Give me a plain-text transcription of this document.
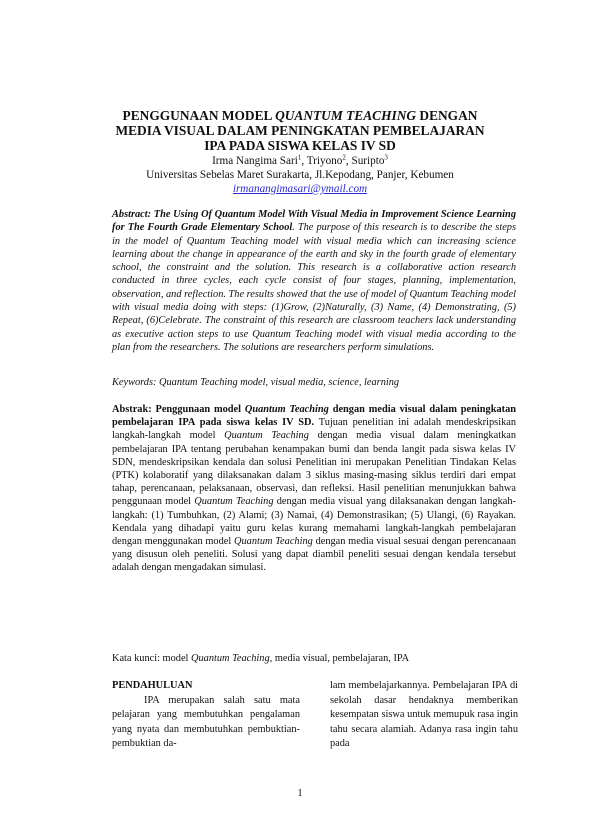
PENGGUNAAN MODEL QUANTUM TEACHING DENGAN
MEDIA VISUAL DALAM PENINGKATAN PEMBELAJARAN
IPA PADA SISWA KELAS IV SD
Irma Nangima Sari$^1$, Triyono$^2$, Suripto$^3$
Universitas Sebelas Maret Surakarta, Jl.Kepodang, Panjer, Kebumen
irmanangimasari@ymail.com
Abstract: The Using Of Quantum Model With Visual Media in Improvement Science Learning for The Fourth Grade Elementary School. The purpose of this research is to describe the steps in the model of Quantum Teaching model with visual media which can increasing science learning about the change in appearance of the earth and sky in the fourth grade of elementary school, the constraint and the solution. This research is a collaborative action research conducted in three cycles, each cycle consist of four stages, planning, implementation, observation, and reflection. The results showed that the use of model of Quantum Teaching model with visual media doing with steps: (1)Grow, (2)Naturally, (3) Name, (4) Demonstrating, (5) Repeat, (6)Celebrate. The constraint of this research are classroom teachers lack understanding as executive action steps to use Quantum Teaching model with visual media according to the plan from the researchers. The solutions are researchers perform simulations.
Keywords: Quantum Teaching model, visual media, science, learning
Abstrak: Penggunaan model Quantum Teaching dengan media visual dalam peningkatan pembelajaran IPA pada siswa kelas IV SD. Tujuan penelitian ini adalah mendeskripsikan langkah-langkah model Quantum Teaching dengan media visual dalam meningkatkan pembelajaran IPA tentang perubahan kenampakan bumi dan benda langit pada siswa kelas IV SDN, mendeskripsikan kendala dan solusi Penelitian ini merupakan Penelitian Tindakan Kelas (PTK) kolaboratif yang dilaksanakan dalam 3 siklus masing-masing siklus terdiri dari empat tahap, perencanaan, pelaksanaan, observasi, dan refleksi. Hasil penelitian menunjukkan bahwa penggunaan model Quantum Teaching dengan media visual yang dilaksanakan dengan langkah-langkah: (1) Tumbuhkan, (2) Alami; (3) Namai, (4) Demonstrasikan; (5) Ulangi, (6) Rayakan. Kendala yang dihadapi yaitu guru kelas kurang memahami langkah-langkah pembelajaran dengan menggunakan model Quantum Teaching dengan media visual sesuai dengan perencanaan yang disusun oleh peneliti. Solusi yang dapat diambil peneliti sesuai dengan kendala tersebut adalah dengan mengadakan simulasi.
Kata kunci: model Quantum Teaching, media visual, pembelajaran, IPA
PENDAHULUAN
IPA merupakan salah satu mata pelajaran yang membutuhkan pengalaman yang nyata dan membutuhkan pembuktian-pembuktian da-
lam membelajarkannya. Pembelajaran IPA di sekolah dasar hendaknya memberikan kesempatan siswa untuk memupuk rasa ingin tahu secara alamiah. Adanya rasa ingin tahu pada
1
